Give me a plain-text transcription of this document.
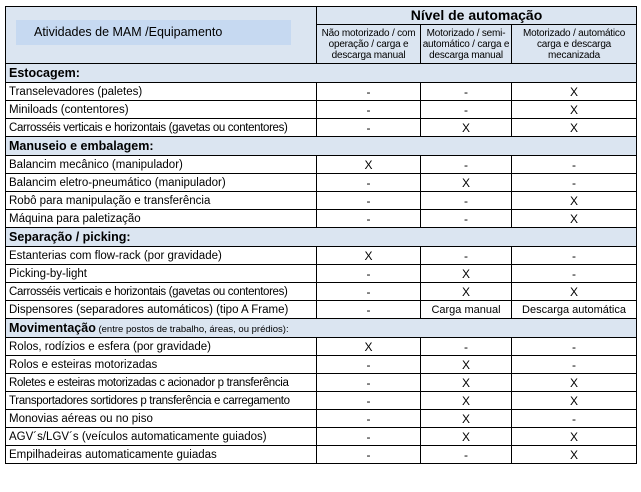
Atividades de MAM /Equipamento	Nível de automação		
	Não motorizado / com operação / carga e descarga manual	Motorizado / semi-automático / carga e descarga manual	Motorizado / automático carga e descarga mecanizada
Estocagem:			
Transelevadores (paletes)	-	-	X
Miniloads (contentores)	-	-	X
Carrosséis verticais e horizontais (gavetas ou contentores)	-	X	X
Manuseio e embalagem:			
Balancim mecânico (manipulador)	X	-	-
Balancim eletro-pneumático (manipulador)	-	X	-
Robô para manipulação e transferência	-	-	X
Máquina para paletização	-	-	X
Separação / picking:			
Estanterias com flow-rack (por gravidade)	X	-	-
Picking-by-light	-	X	-
Carrosséis verticais e horizontais (gavetas ou contentores)	-	X	X
Dispensores (separadores automáticos) (tipo A Frame)	-	Carga manual	Descarga automática
Movimentação (entre postos de trabalho, áreas, ou prédios):			
Rolos, rodízios e esfera (por gravidade)	X	-	-
Rolos e esteiras motorizadas	-	X	-
Roletes e esteiras motorizadas c acionador p transferência	-	X	X
Transportadores sortidores p transferência e carregamento	-	X	X
Monovias aéreas ou no piso	-	X	-
AGV´s/LGV´s (veículos automaticamente guiados)	-	X	X
Empilhadeiras automaticamente guiadas	-	-	X
